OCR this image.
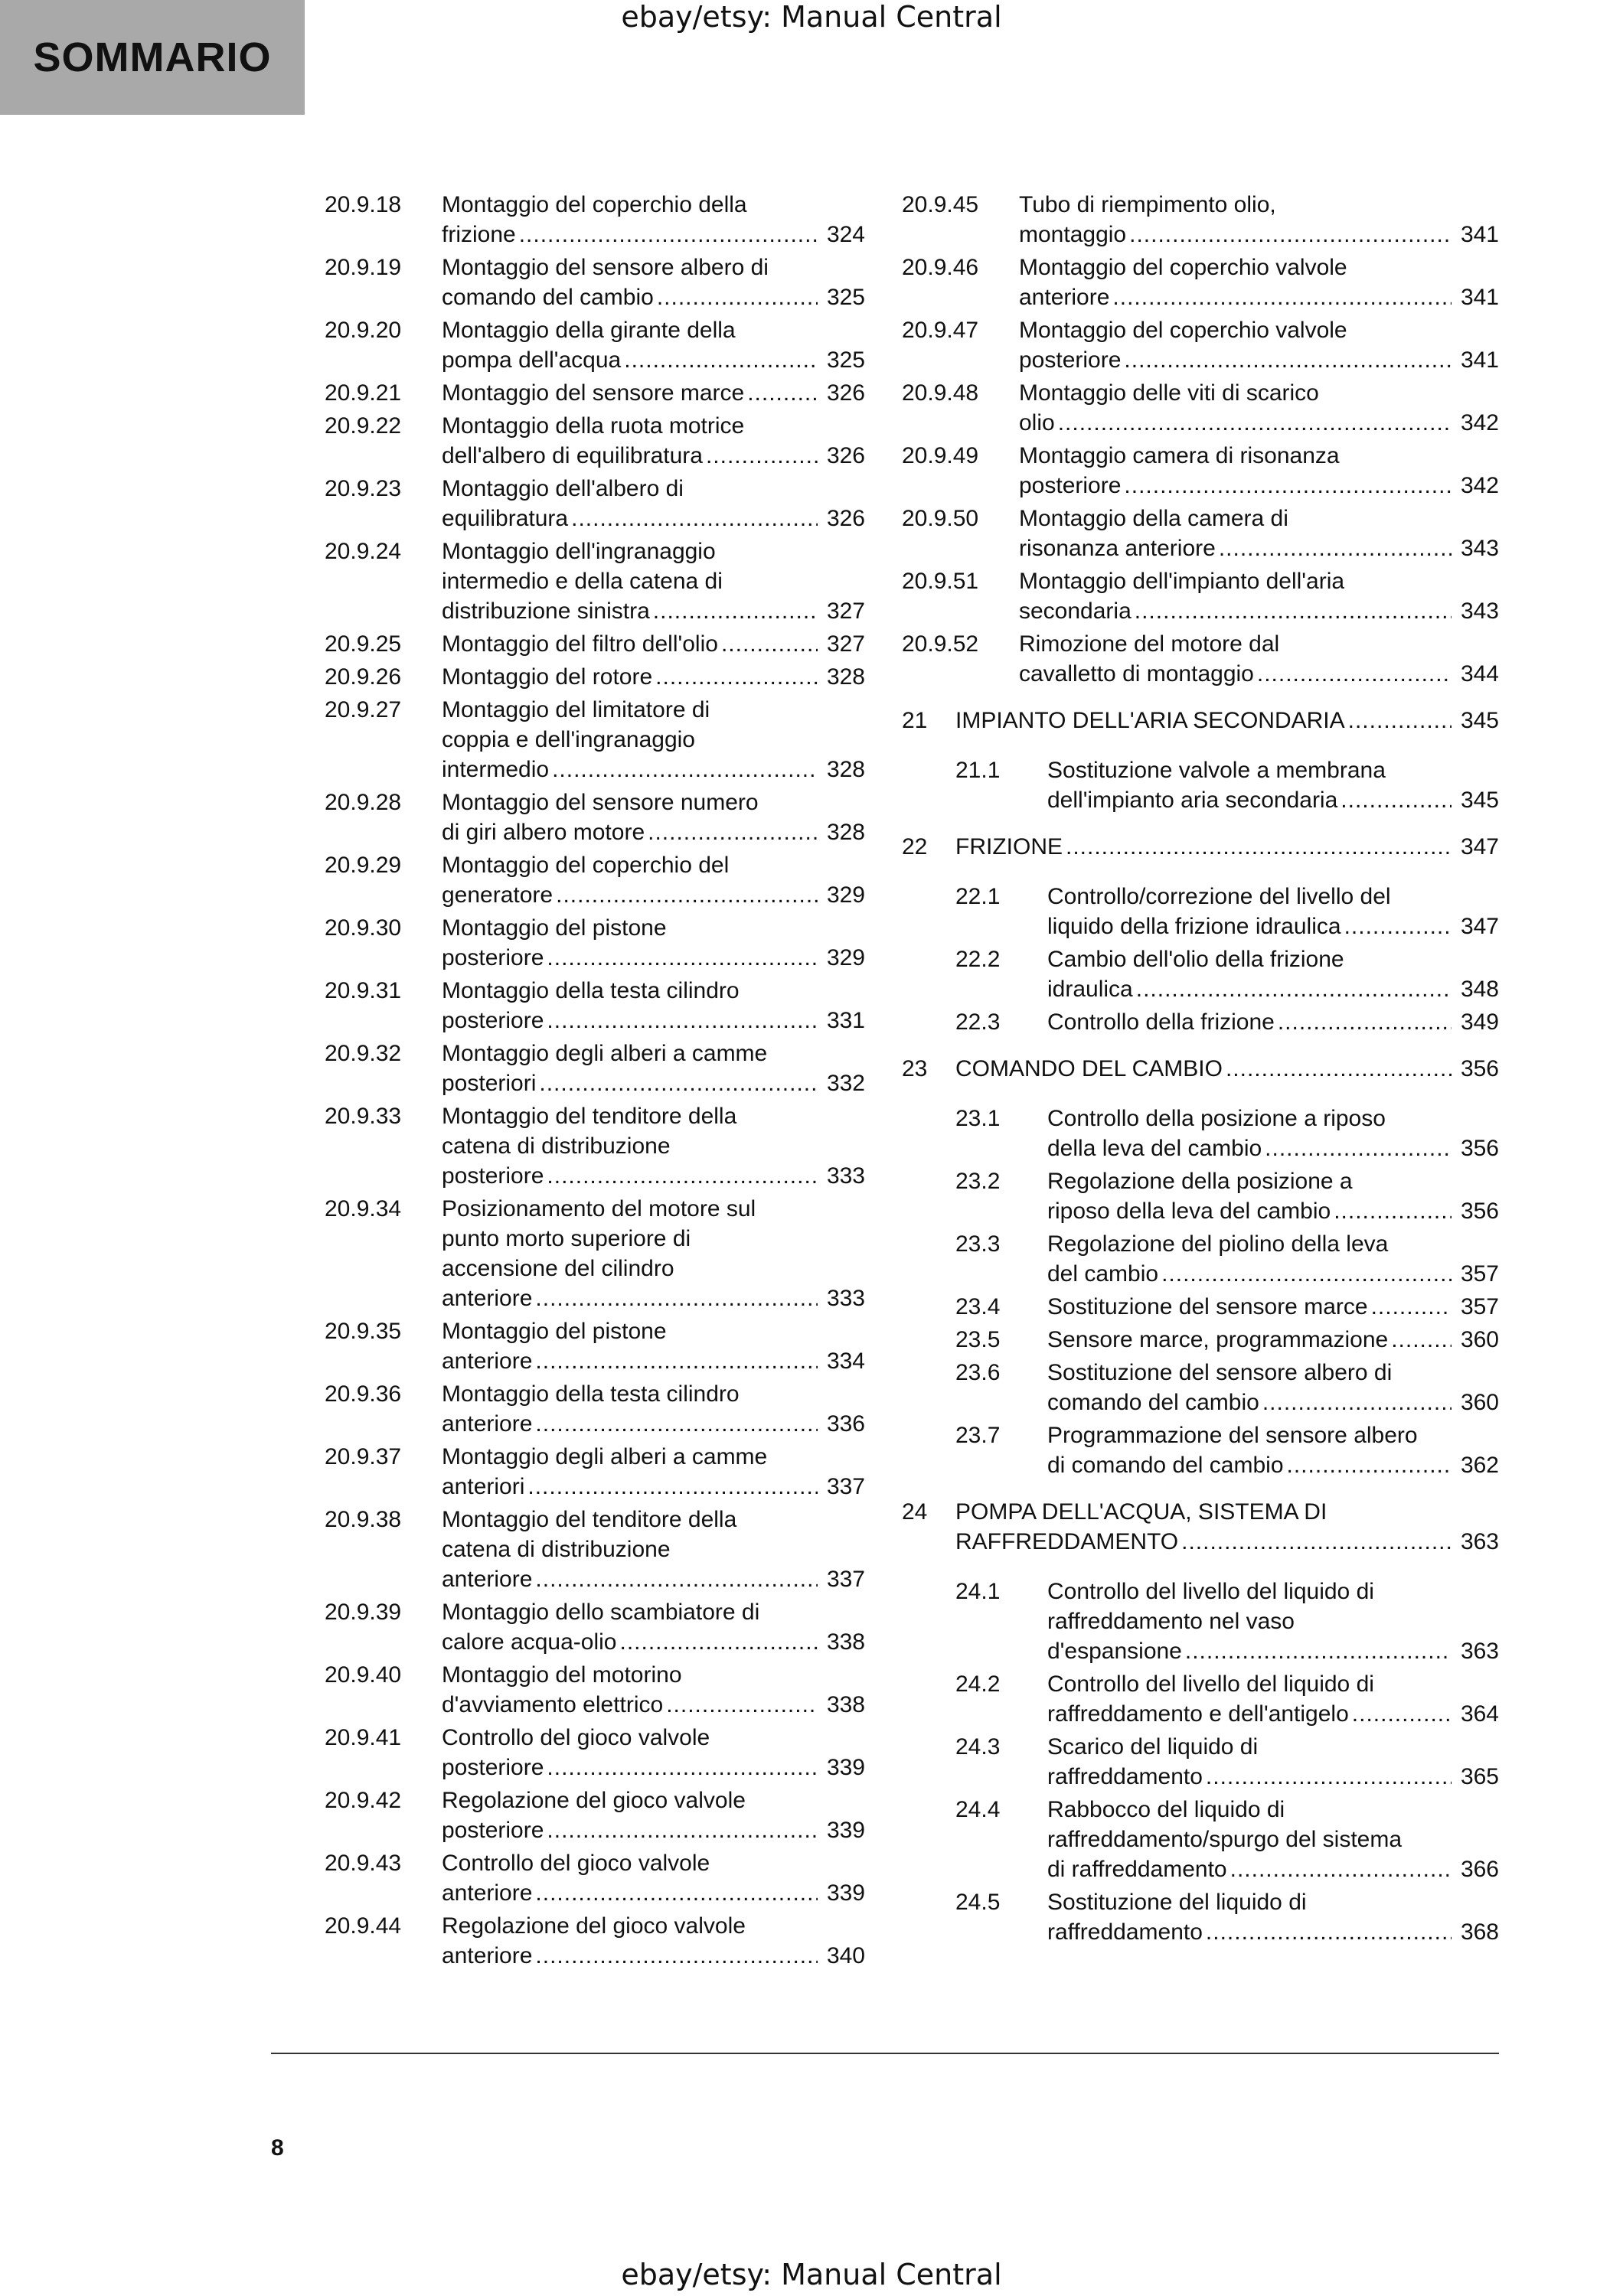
SOMMARIO
ebay/etsy: Manual Central
20.9.18 Montaggio del coperchio della
frizione .....	324
20.9.19 Montaggio del sensore albero di
comando del cambio .....	325
20.9.20 Montaggio della girante della
pompa dell'acqua .....	325
20.9.21 Montaggio del sensore marce .....	326
20.9.22 Montaggio della ruota motrice
dell'albero di equilibratura .....	326
20.9.23 Montaggio dell'albero di
equilibratura .....	326
20.9.24 Montaggio dell'ingranaggio
intermedio e della catena di
distribuzione sinistra .....	327
20.9.25 Montaggio del filtro dell'olio .....	327
20.9.26 Montaggio del rotore .....	328
20.9.27 Montaggio del limitatore di
coppia e dell'ingranaggio
intermedio .....	328
20.9.28 Montaggio del sensore numero
di giri albero motore .....	328
20.9.29 Montaggio del coperchio del
generatore .....	329
20.9.30 Montaggio del pistone
posteriore .....	329
20.9.31 Montaggio della testa cilindro
posteriore .....	331
20.9.32 Montaggio degli alberi a camme
posteriori .....	332
20.9.33 Montaggio del tenditore della
catena di distribuzione
posteriore .....	333
20.9.34 Posizionamento del motore sul
punto morto superiore di
accensione del cilindro
anteriore .....	333
20.9.35 Montaggio del pistone
anteriore .....	334
20.9.36 Montaggio della testa cilindro
anteriore .....	336
20.9.37 Montaggio degli alberi a camme
anteriori .....	337
20.9.38 Montaggio del tenditore della
catena di distribuzione
anteriore .....	337
20.9.39 Montaggio dello scambiatore di
calore acqua-olio .....	338
20.9.40 Montaggio del motorino
d'avviamento elettrico .....	338
20.9.41 Controllo del gioco valvole
posteriore .....	339
20.9.42 Regolazione del gioco valvole
posteriore .....	339
20.9.43 Controllo del gioco valvole
anteriore .....	339
20.9.44 Regolazione del gioco valvole
anteriore .....	340
20.9.45 Tubo di riempimento olio,
montaggio .....	341
20.9.46 Montaggio del coperchio valvole
anteriore .....	341
20.9.47 Montaggio del coperchio valvole
posteriore .....	341
20.9.48 Montaggio delle viti di scarico
olio .....	342
20.9.49 Montaggio camera di risonanza
posteriore .....	342
20.9.50 Montaggio della camera di
risonanza anteriore .....	343
20.9.51 Montaggio dell'impianto dell'aria
secondaria .....	343
20.9.52 Rimozione del motore dal
cavalletto di montaggio .....	344
21 IMPIANTO DELL'ARIA SECONDARIA .....	345
21.1 Sostituzione valvole a membrana
dell'impianto aria secondaria .....	345
22 FRIZIONE .....	347
22.1 Controllo/correzione del livello del
liquido della frizione idraulica .....	347
22.2 Cambio dell'olio della frizione
idraulica .....	348
22.3 Controllo della frizione .....	349
23 COMANDO DEL CAMBIO .....	356
23.1 Controllo della posizione a riposo
della leva del cambio .....	356
23.2 Regolazione della posizione a
riposo della leva del cambio .....	356
23.3 Regolazione del piolino della leva
del cambio .....	357
23.4 Sostituzione del sensore marce .....	357
23.5 Sensore marce, programmazione .....	360
23.6 Sostituzione del sensore albero di
comando del cambio .....	360
23.7 Programmazione del sensore albero
di comando del cambio .....	362
24 POMPA DELL'ACQUA, SISTEMA DI
RAFFREDDAMENTO .....	363
24.1 Controllo del livello del liquido di
raffreddamento nel vaso
d'espansione .....	363
24.2 Controllo del livello del liquido di
raffreddamento e dell'antigelo .....	364
24.3 Scarico del liquido di
raffreddamento .....	365
24.4 Rabbocco del liquido di
raffreddamento/spurgo del sistema
di raffreddamento .....	366
24.5 Sostituzione del liquido di
raffreddamento .....	368
8
ebay/etsy: Manual Central
